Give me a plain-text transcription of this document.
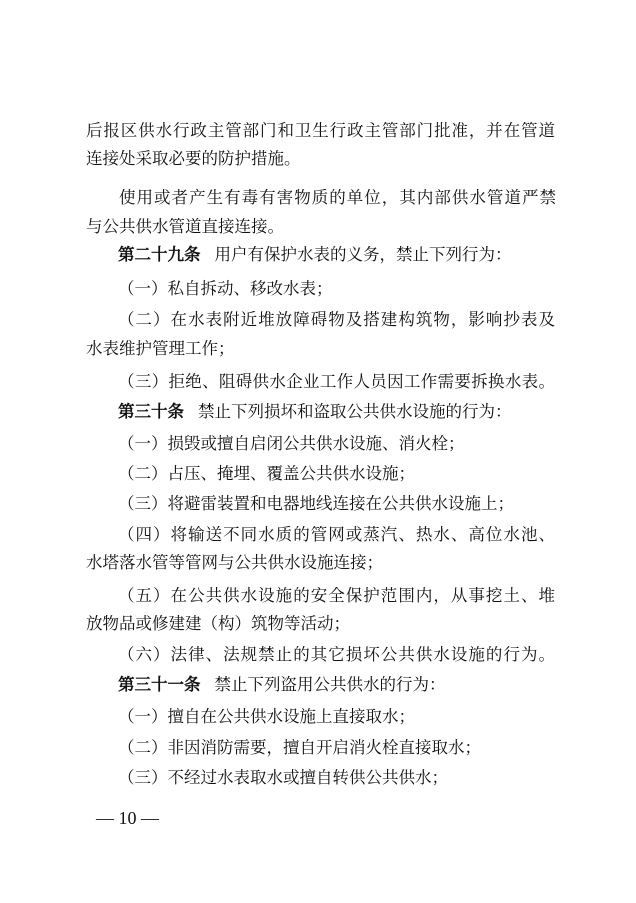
后报区供水行政主管部门和卫生行政主管部门批准，并在管道
连接处采取必要的防护措施。
使用或者产生有毒有害物质的单位，其内部供水管道严禁
与公共供水管道直接连接。
第二十九条 用户有保护水表的义务，禁止下列行为：
（一）私自拆动、移改水表；
（二）在水表附近堆放障碍物及搭建构筑物，影响抄表及
水表维护管理工作；
（三）拒绝、阻碍供水企业工作人员因工作需要拆换水表。
第三十条 禁止下列损坏和盗取公共供水设施的行为：
（一）损毁或擅自启闭公共供水设施、消火栓；
（二）占压、掩埋、覆盖公共供水设施；
（三）将避雷装置和电器地线连接在公共供水设施上；
（四）将输送不同水质的管网或蒸汽、热水、高位水池、
水塔落水管等管网与公共供水设施连接；
（五）在公共供水设施的安全保护范围内，从事挖土、堆
放物品或修建建（构）筑物等活动；
（六）法律、法规禁止的其它损坏公共供水设施的行为。
第三十一条 禁止下列盗用公共供水的行为：
（一）擅自在公共供水设施上直接取水；
（二）非因消防需要，擅自开启消火栓直接取水；
（三）不经过水表取水或擅自转供公共供水；
— 10 —
